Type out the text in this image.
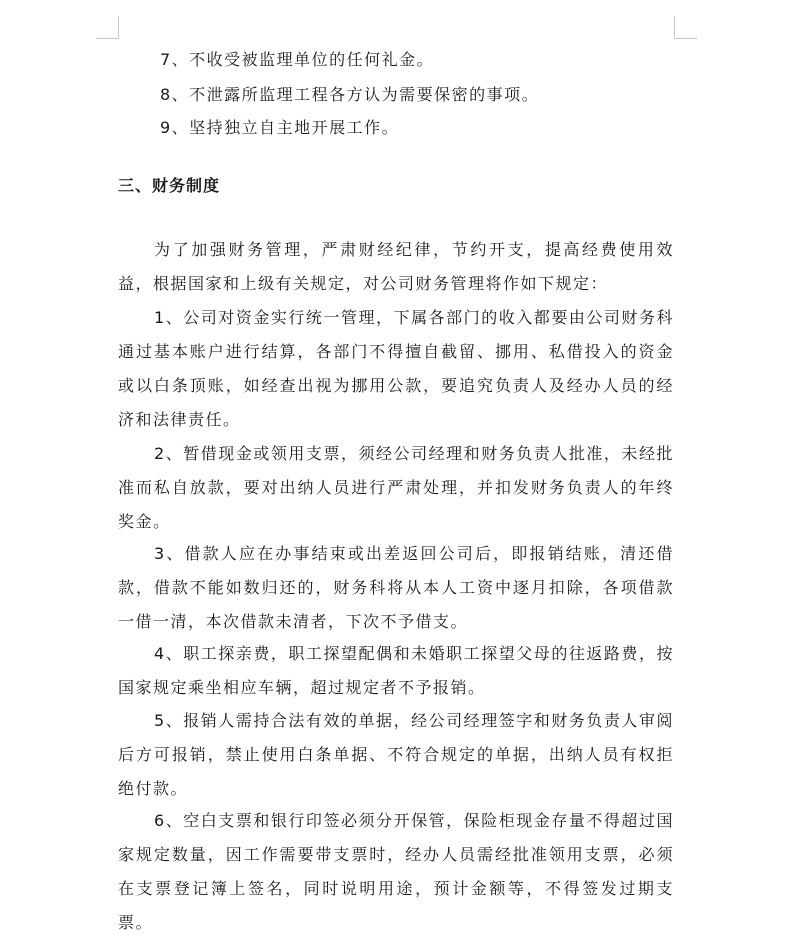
7、不收受被监理单位的任何礼金。
8、不泄露所监理工程各方认为需要保密的事项。
9、坚持独立自主地开展工作。
三、财务制度
为了加强财务管理，严肃财经纪律，节约开支，提高经费使用效益，根据国家和上级有关规定，对公司财务管理将作如下规定：
1、公司对资金实行统一管理，下属各部门的收入都要由公司财务科通过基本账户进行结算，各部门不得擅自截留、挪用、私借投入的资金或以白条顶账，如经查出视为挪用公款，要追究负责人及经办人员的经济和法律责任。
2、暂借现金或领用支票，须经公司经理和财务负责人批准，未经批准而私自放款，要对出纳人员进行严肃处理，并扣发财务负责人的年终奖金。
3、借款人应在办事结束或出差返回公司后，即报销结账，清还借款，借款不能如数归还的，财务科将从本人工资中逐月扣除，各项借款一借一清，本次借款未清者，下次不予借支。
4、职工探亲费，职工探望配偶和未婚职工探望父母的往返路费，按国家规定乘坐相应车辆，超过规定者不予报销。
5、报销人需持合法有效的单据，经公司经理签字和财务负责人审阅后方可报销，禁止使用白条单据、不符合规定的单据，出纳人员有权拒绝付款。
6、空白支票和银行印签必须分开保管，保险柜现金存量不得超过国家规定数量，因工作需要带支票时，经办人员需经批准领用支票，必须在支票登记簿上签名，同时说明用途，预计金额等，不得签发过期支票。
